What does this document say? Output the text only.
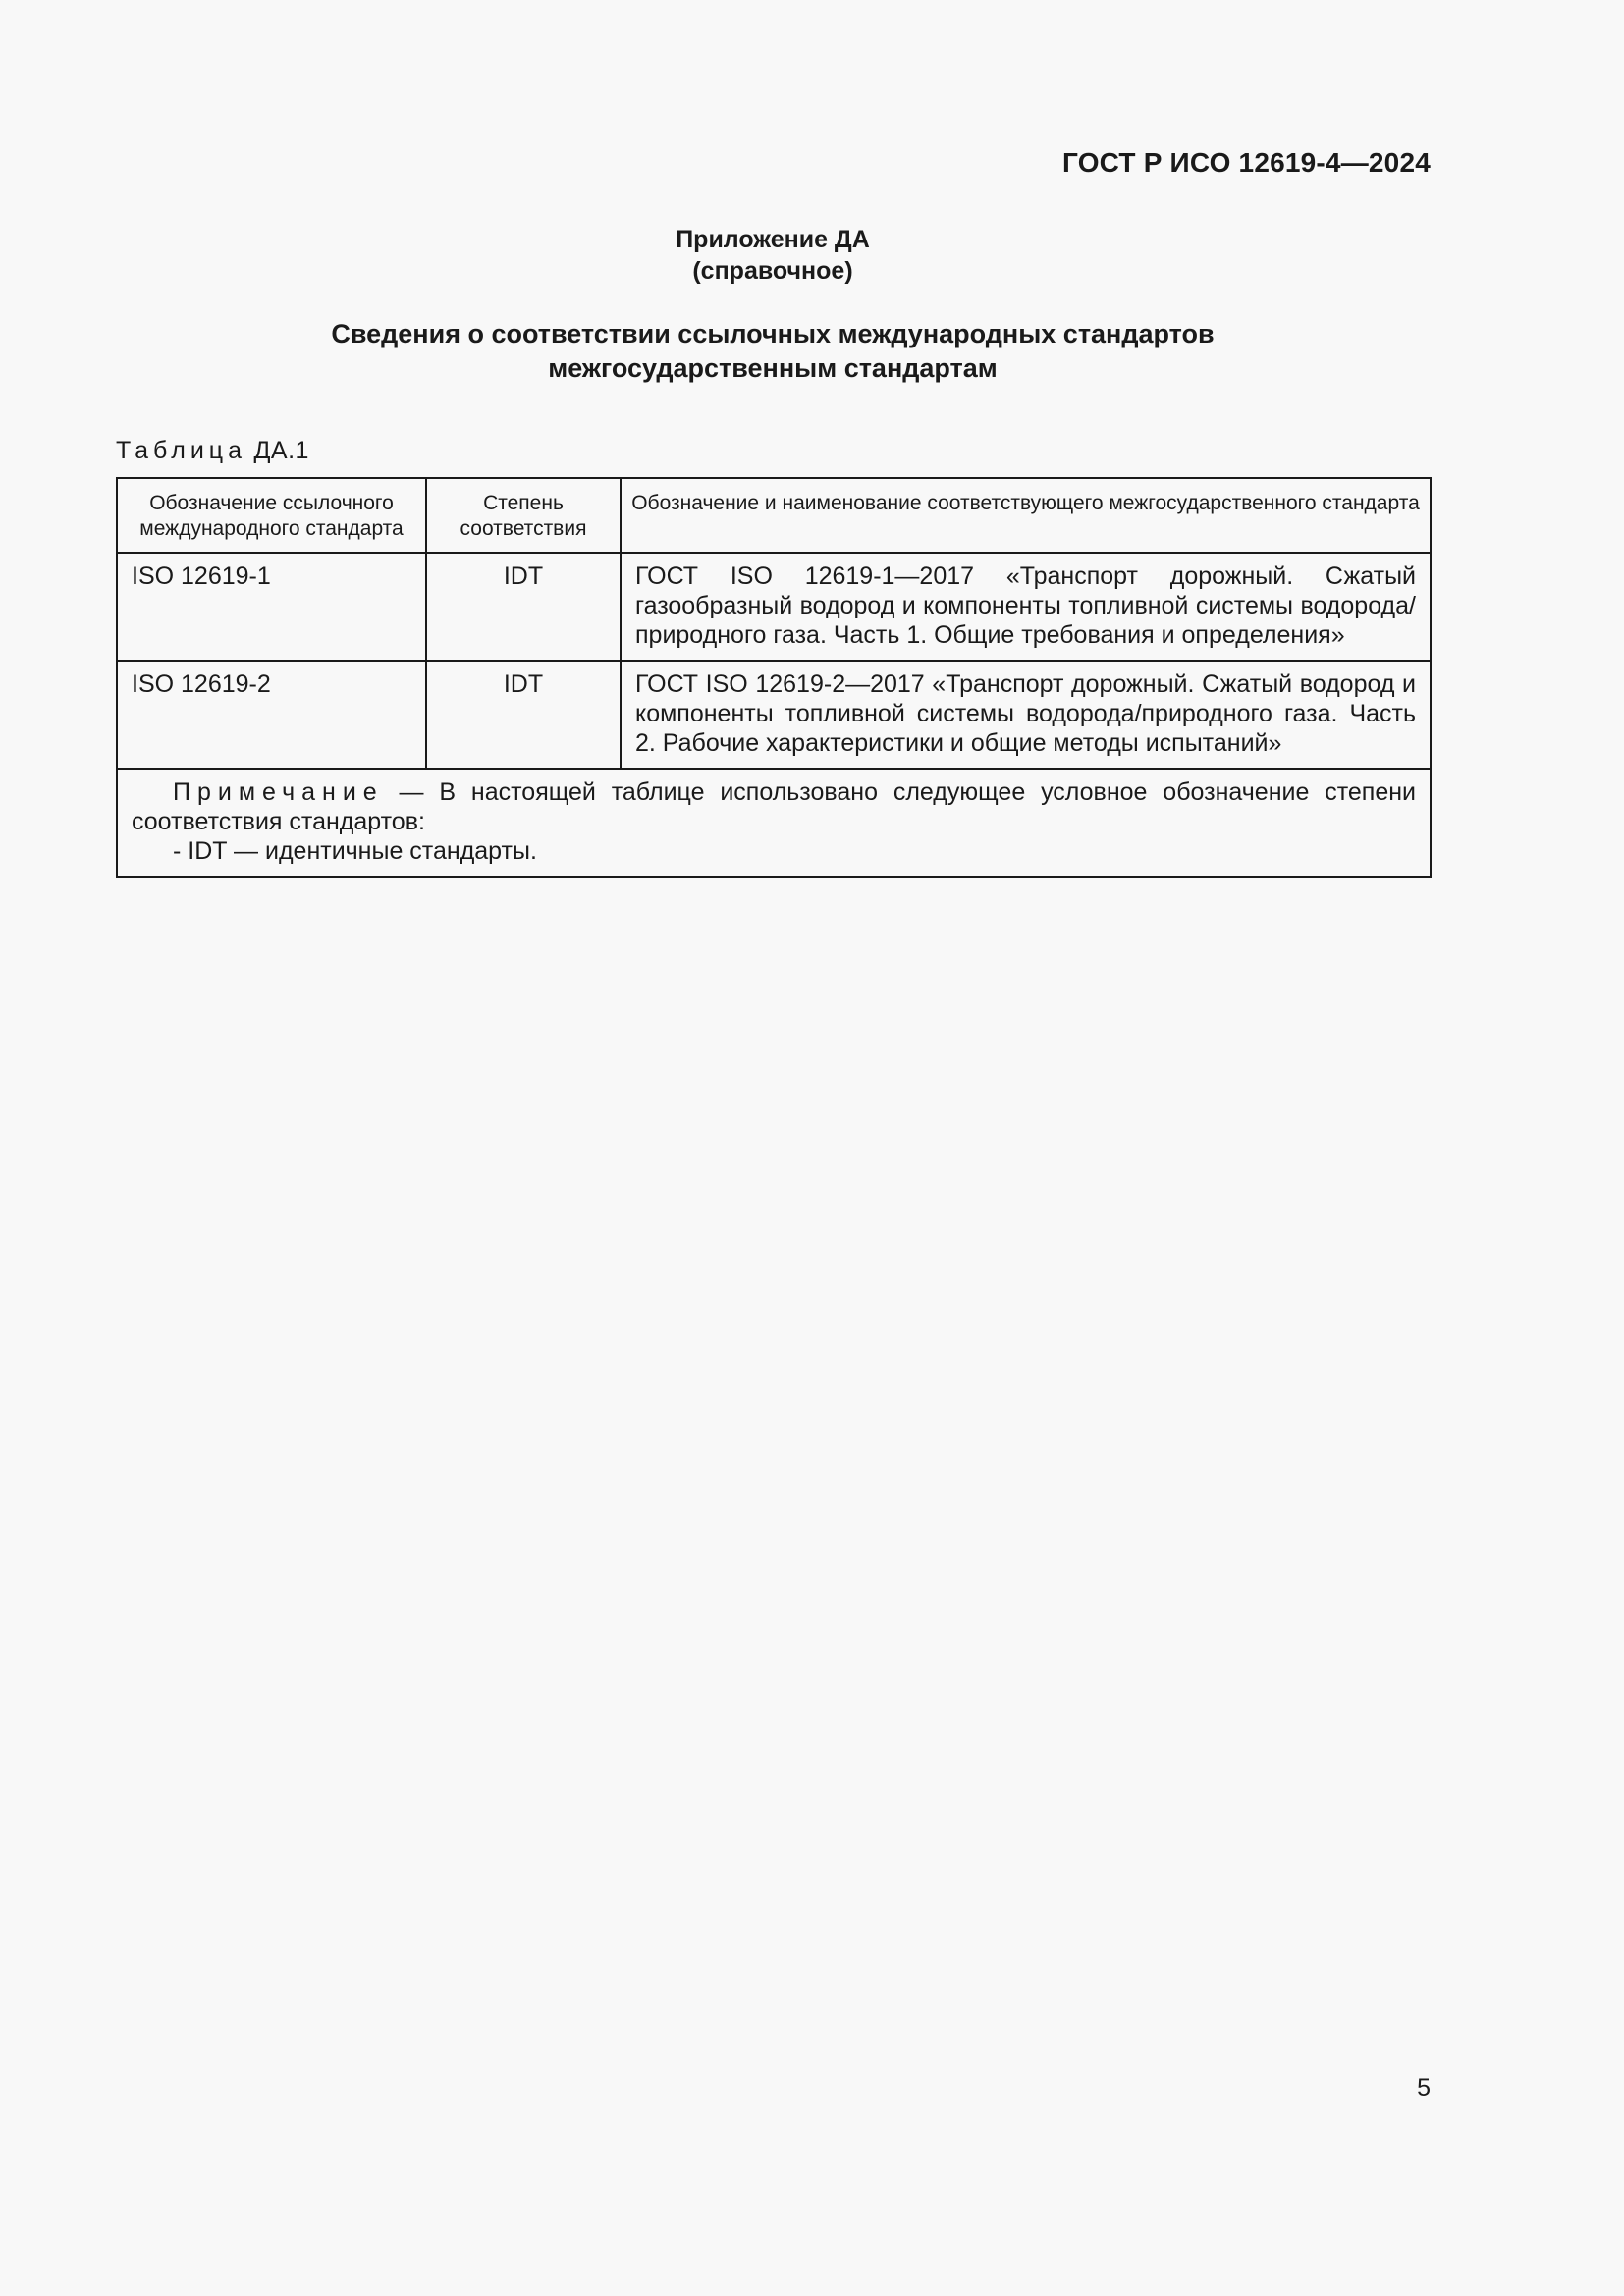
ГОСТ Р ИСО 12619-4—2024
Приложение ДА
(справочное)
Сведения о соответствии ссылочных международных стандартов
межгосударственным стандартам
Таблица ДА.1
Обозначение ссылочного международного стандарта	Степень соответствия	Обозначение и наименование соответствующего межгосударственного стандарта
ISO 12619-1	IDT	ГОСТ ISO 12619-1—2017 «Транспорт дорожный. Сжатый газообразный водород и компоненты топливной системы водорода/природного газа. Часть 1. Общие требования и определения»
ISO 12619-2	IDT	ГОСТ ISO 12619-2—2017 «Транспорт дорожный. Сжатый водород и компоненты топливной системы водорода/природного газа. Часть 2. Рабочие характеристики и общие методы испытаний»

Примечание — В настоящей таблице использовано следующее условное обозначение степени соответствия стандартов:

- IDT — идентичные стандарты.		

5
